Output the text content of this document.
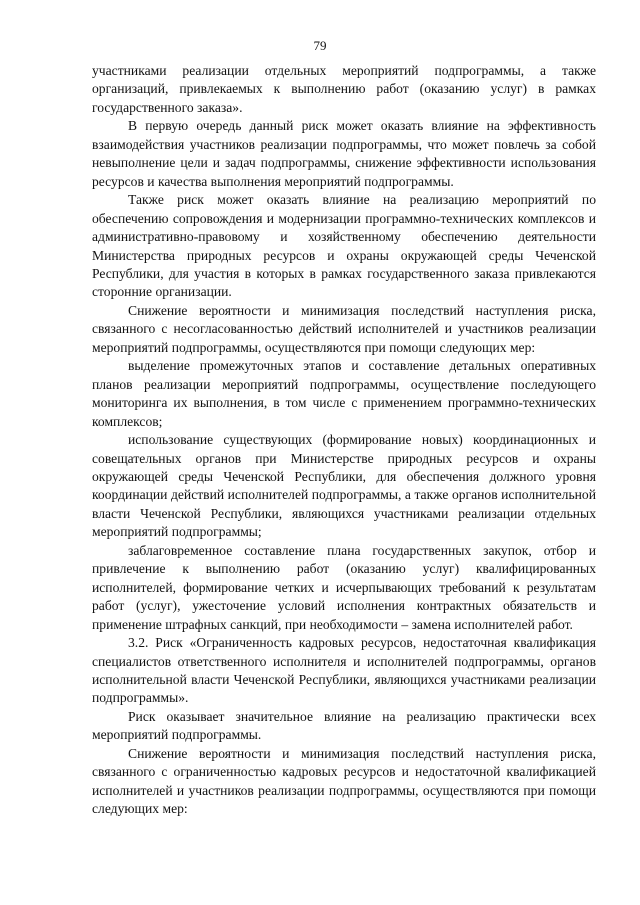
79

участниками реализации отдельных мероприятий подпрограммы, а также организаций, привлекаемых к выполнению работ (оказанию услуг) в рамках государственного заказа».

В первую очередь данный риск может оказать влияние на эффективность взаимодействия участников реализации подпрограммы, что может повлечь за собой невыполнение цели и задач подпрограммы, снижение эффективности использования ресурсов и качества выполнения мероприятий подпрограммы.

Также риск может оказать влияние на реализацию мероприятий по обеспечению сопровождения и модернизации программно-технических комплексов и административно-правовому и хозяйственному обеспечению деятельности Министерства природных ресурсов и охраны окружающей среды Чеченской Республики, для участия в которых в рамках государственного заказа привлекаются сторонние организации.

Снижение вероятности и минимизация последствий наступления риска, связанного с несогласованностью действий исполнителей и участников реализации мероприятий подпрограммы, осуществляются при помощи следующих мер:

выделение промежуточных этапов и составление детальных оперативных планов реализации мероприятий подпрограммы, осуществление последующего мониторинга их выполнения, в том числе с применением программно-технических комплексов;

использование существующих (формирование новых) координационных и совещательных органов при Министерстве природных ресурсов и охраны окружающей среды Чеченской Республики, для обеспечения должного уровня координации действий исполнителей подпрограммы, а также органов исполнительной власти Чеченской Республики, являющихся участниками реализации отдельных мероприятий подпрограммы;

заблаговременное составление плана государственных закупок, отбор и привлечение к выполнению работ (оказанию услуг) квалифицированных исполнителей, формирование четких и исчерпывающих требований к результатам работ (услуг), ужесточение условий исполнения контрактных обязательств и применение штрафных санкций, при необходимости – замена исполнителей работ.

3.2. Риск «Ограниченность кадровых ресурсов, недостаточная квалификация специалистов ответственного исполнителя и исполнителей подпрограммы, органов исполнительной власти Чеченской Республики, являющихся участниками реализации подпрограммы».

Риск оказывает значительное влияние на реализацию практически всех мероприятий подпрограммы.

Снижение вероятности и минимизация последствий наступления риска, связанного с ограниченностью кадровых ресурсов и недостаточной квалификацией исполнителей и участников реализации подпрограммы, осуществляются при помощи следующих мер:
